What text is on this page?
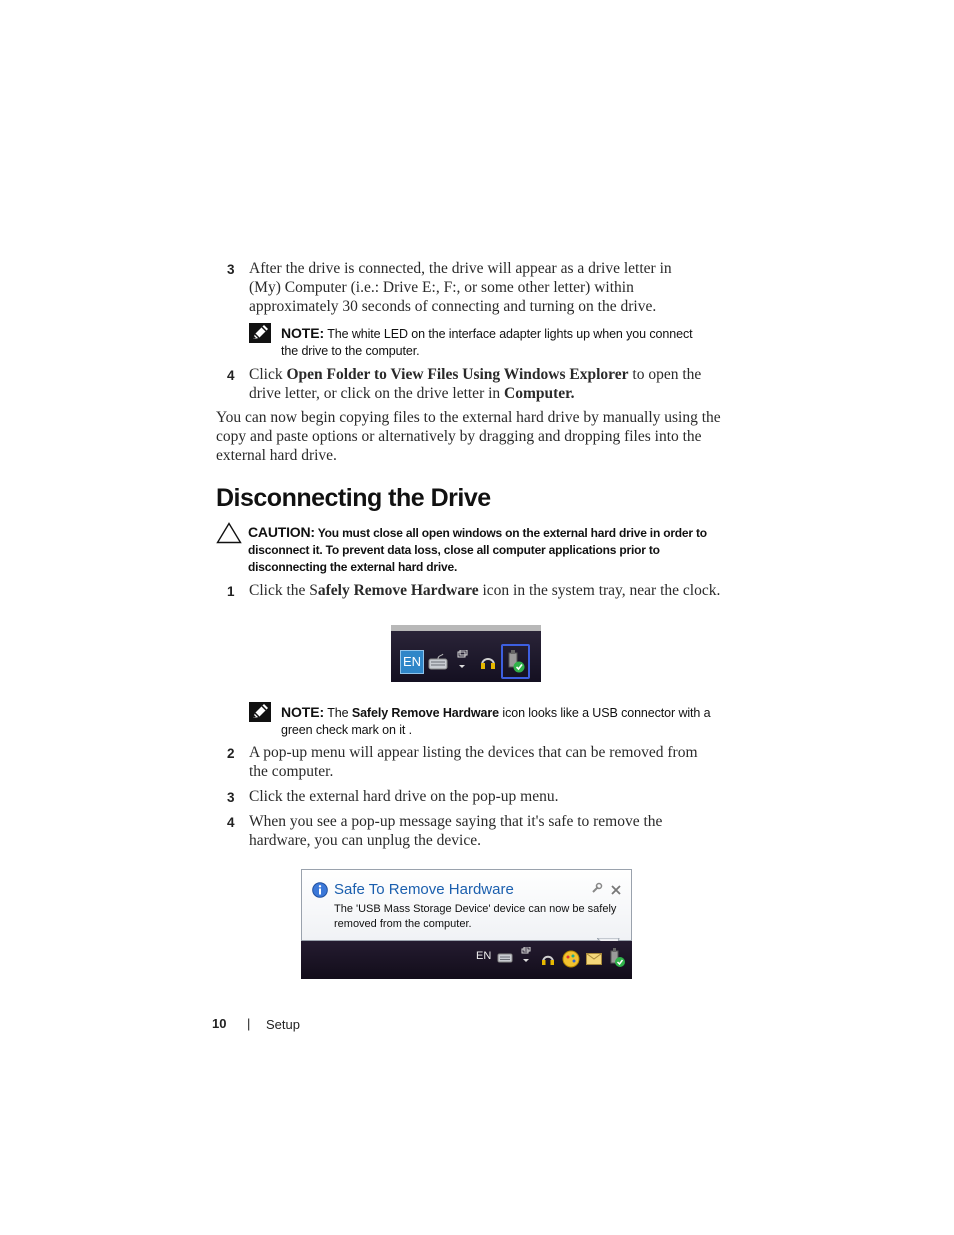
3 After the drive is connected, the drive will appear as a drive letter in (My) Computer (i.e.: Drive E:, F:, or some other letter) within approximately 30 seconds of connecting and turning on the drive.
NOTE: The white LED on the interface adapter lights up when you connect the drive to the computer.
4 Click Open Folder to View Files Using Windows Explorer to open the drive letter, or click on the drive letter in Computer.
You can now begin copying files to the external hard drive by manually using the copy and paste options or alternatively by dragging and dropping files into the external hard drive.
Disconnecting the Drive
CAUTION: You must close all open windows on the external hard drive in order to disconnect it. To prevent data loss, close all computer applications prior to disconnecting the external hard drive.
1 Click the Safely Remove Hardware icon in the system tray, near the clock.
EN
NOTE: The Safely Remove Hardware icon looks like a USB connector with a green check mark on it .
2 A pop-up menu will appear listing the devices that can be removed from the computer.
3 Click the external hard drive on the pop-up menu.
4 When you see a pop-up message saying that it's safe to remove the hardware, you can unplug the device.
Safe To Remove Hardware
The 'USB Mass Storage Device' device can now be safely removed from the computer.
EN
10 | Setup
